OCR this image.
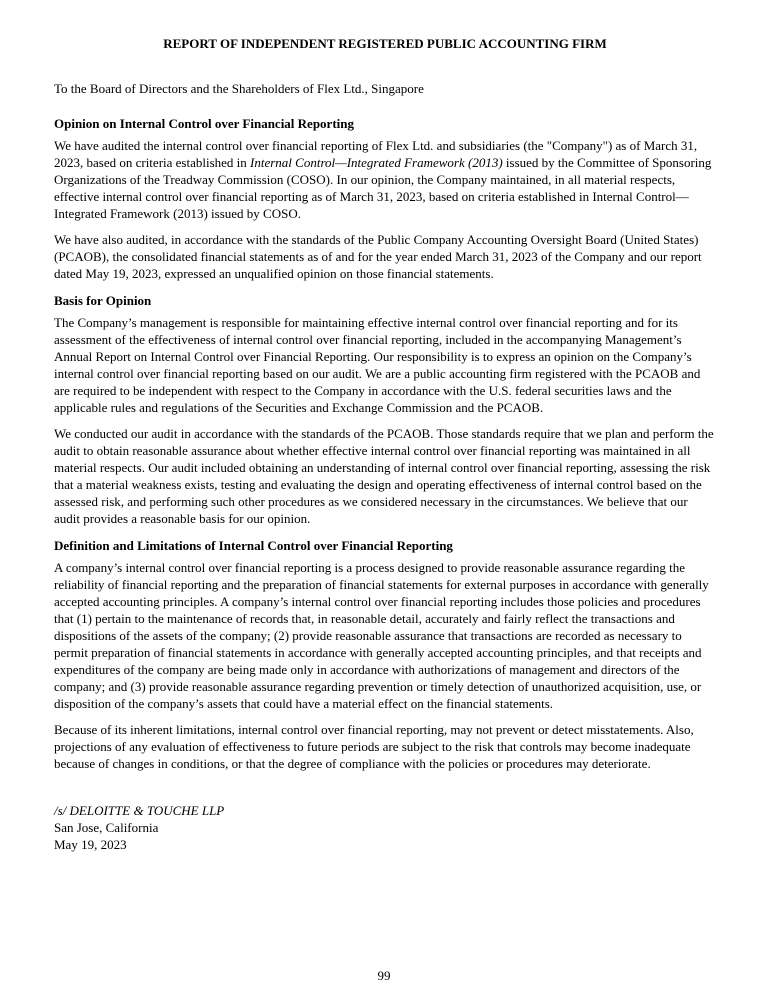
REPORT OF INDEPENDENT REGISTERED PUBLIC ACCOUNTING FIRM

To the Board of Directors and the Shareholders of Flex Ltd., Singapore

Opinion on Internal Control over Financial Reporting

We have audited the internal control over financial reporting of Flex Ltd. and subsidiaries (the "Company") as of March 31, 2023, based on criteria established in Internal Control—Integrated Framework (2013) issued by the Committee of Sponsoring Organizations of the Treadway Commission (COSO). In our opinion, the Company maintained, in all material respects, effective internal control over financial reporting as of March 31, 2023, based on criteria established in Internal Control—Integrated Framework (2013) issued by COSO.

We have also audited, in accordance with the standards of the Public Company Accounting Oversight Board (United States) (PCAOB), the consolidated financial statements as of and for the year ended March 31, 2023 of the Company and our report dated May 19, 2023, expressed an unqualified opinion on those financial statements.

Basis for Opinion

The Company’s management is responsible for maintaining effective internal control over financial reporting and for its assessment of the effectiveness of internal control over financial reporting, included in the accompanying Management’s Annual Report on Internal Control over Financial Reporting. Our responsibility is to express an opinion on the Company’s internal control over financial reporting based on our audit. We are a public accounting firm registered with the PCAOB and are required to be independent with respect to the Company in accordance with the U.S. federal securities laws and the applicable rules and regulations of the Securities and Exchange Commission and the PCAOB.

We conducted our audit in accordance with the standards of the PCAOB. Those standards require that we plan and perform the audit to obtain reasonable assurance about whether effective internal control over financial reporting was maintained in all material respects. Our audit included obtaining an understanding of internal control over financial reporting, assessing the risk that a material weakness exists, testing and evaluating the design and operating effectiveness of internal control based on the assessed risk, and performing such other procedures as we considered necessary in the circumstances. We believe that our audit provides a reasonable basis for our opinion.

Definition and Limitations of Internal Control over Financial Reporting

A company’s internal control over financial reporting is a process designed to provide reasonable assurance regarding the reliability of financial reporting and the preparation of financial statements for external purposes in accordance with generally accepted accounting principles. A company’s internal control over financial reporting includes those policies and procedures that (1) pertain to the maintenance of records that, in reasonable detail, accurately and fairly reflect the transactions and dispositions of the assets of the company; (2) provide reasonable assurance that transactions are recorded as necessary to permit preparation of financial statements in accordance with generally accepted accounting principles, and that receipts and expenditures of the company are being made only in accordance with authorizations of management and directors of the company; and (3) provide reasonable assurance regarding prevention or timely detection of unauthorized acquisition, use, or disposition of the company’s assets that could have a material effect on the financial statements.

Because of its inherent limitations, internal control over financial reporting, may not prevent or detect misstatements. Also, projections of any evaluation of effectiveness to future periods are subject to the risk that controls may become inadequate because of changes in conditions, or that the degree of compliance with the policies or procedures may deteriorate.

/s/ DELOITTE & TOUCHE LLP
San Jose, California
May 19, 2023
99
